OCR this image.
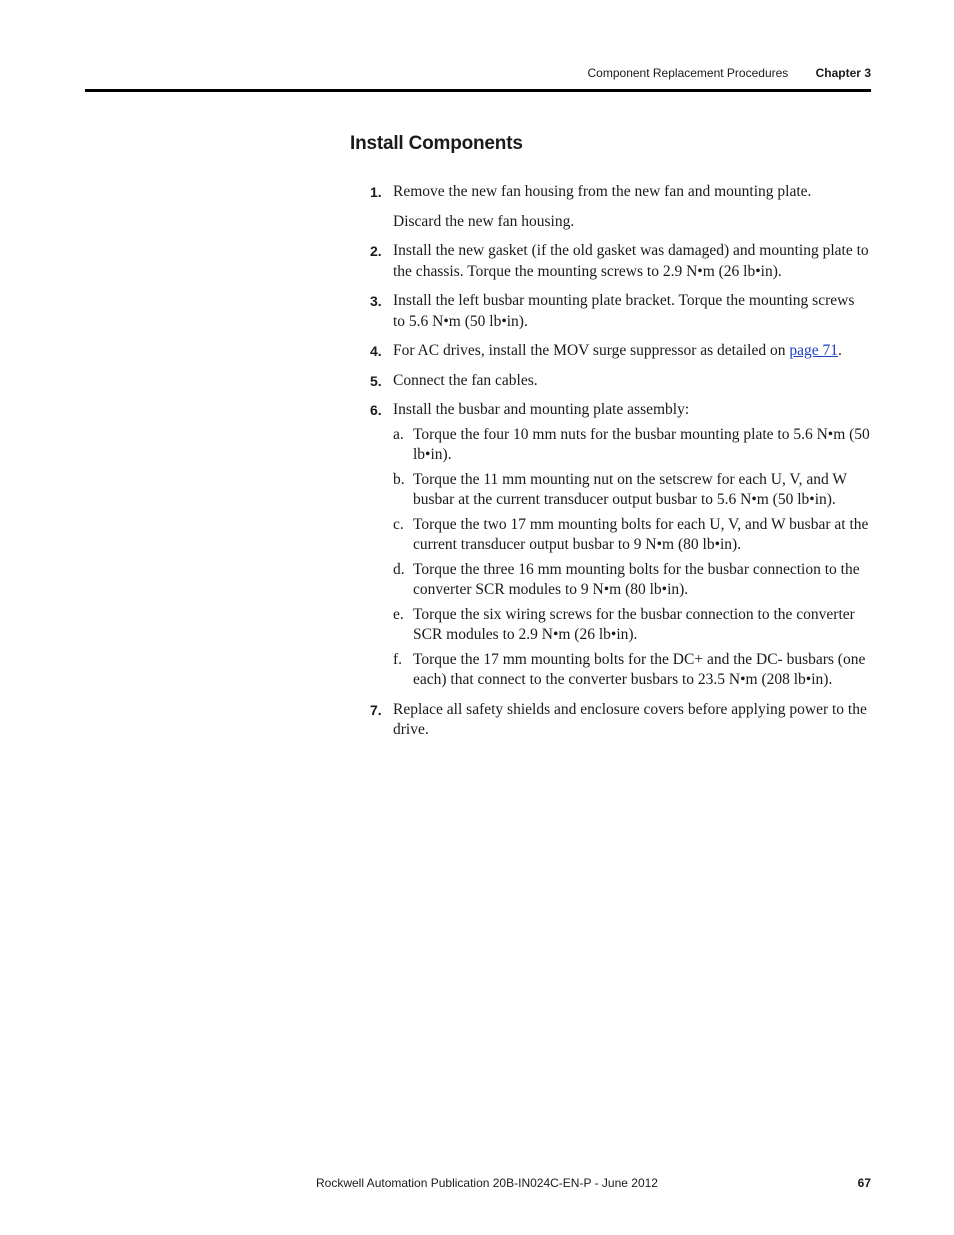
Component Replacement Procedures Chapter 3
Install Components
1. Remove the new fan housing from the new fan and mounting plate.
Discard the new fan housing.
2. Install the new gasket (if the old gasket was damaged) and mounting plate to the chassis. Torque the mounting screws to 2.9 N•m (26 lb•in).
3. Install the left busbar mounting plate bracket. Torque the mounting screws to 5.6 N•m (50 lb•in).
4. For AC drives, install the MOV surge suppressor as detailed on page 71.
5. Connect the fan cables.
6. Install the busbar and mounting plate assembly:
a. Torque the four 10 mm nuts for the busbar mounting plate to 5.6 N•m (50 lb•in).
b. Torque the 11 mm mounting nut on the setscrew for each U, V, and W busbar at the current transducer output busbar to 5.6 N•m (50 lb•in).
c. Torque the two 17 mm mounting bolts for each U, V, and W busbar at the current transducer output busbar to 9 N•m (80 lb•in).
d. Torque the three 16 mm mounting bolts for the busbar connection to the converter SCR modules to 9 N•m (80 lb•in).
e. Torque the six wiring screws for the busbar connection to the converter SCR modules to 2.9 N•m (26 lb•in).
f. Torque the 17 mm mounting bolts for the DC+ and the DC- busbars (one each) that connect to the converter busbars to 23.5 N•m (208 lb•in).
7. Replace all safety shields and enclosure covers before applying power to the drive.
Rockwell Automation Publication 20B-IN024C-EN-P - June 2012	67
